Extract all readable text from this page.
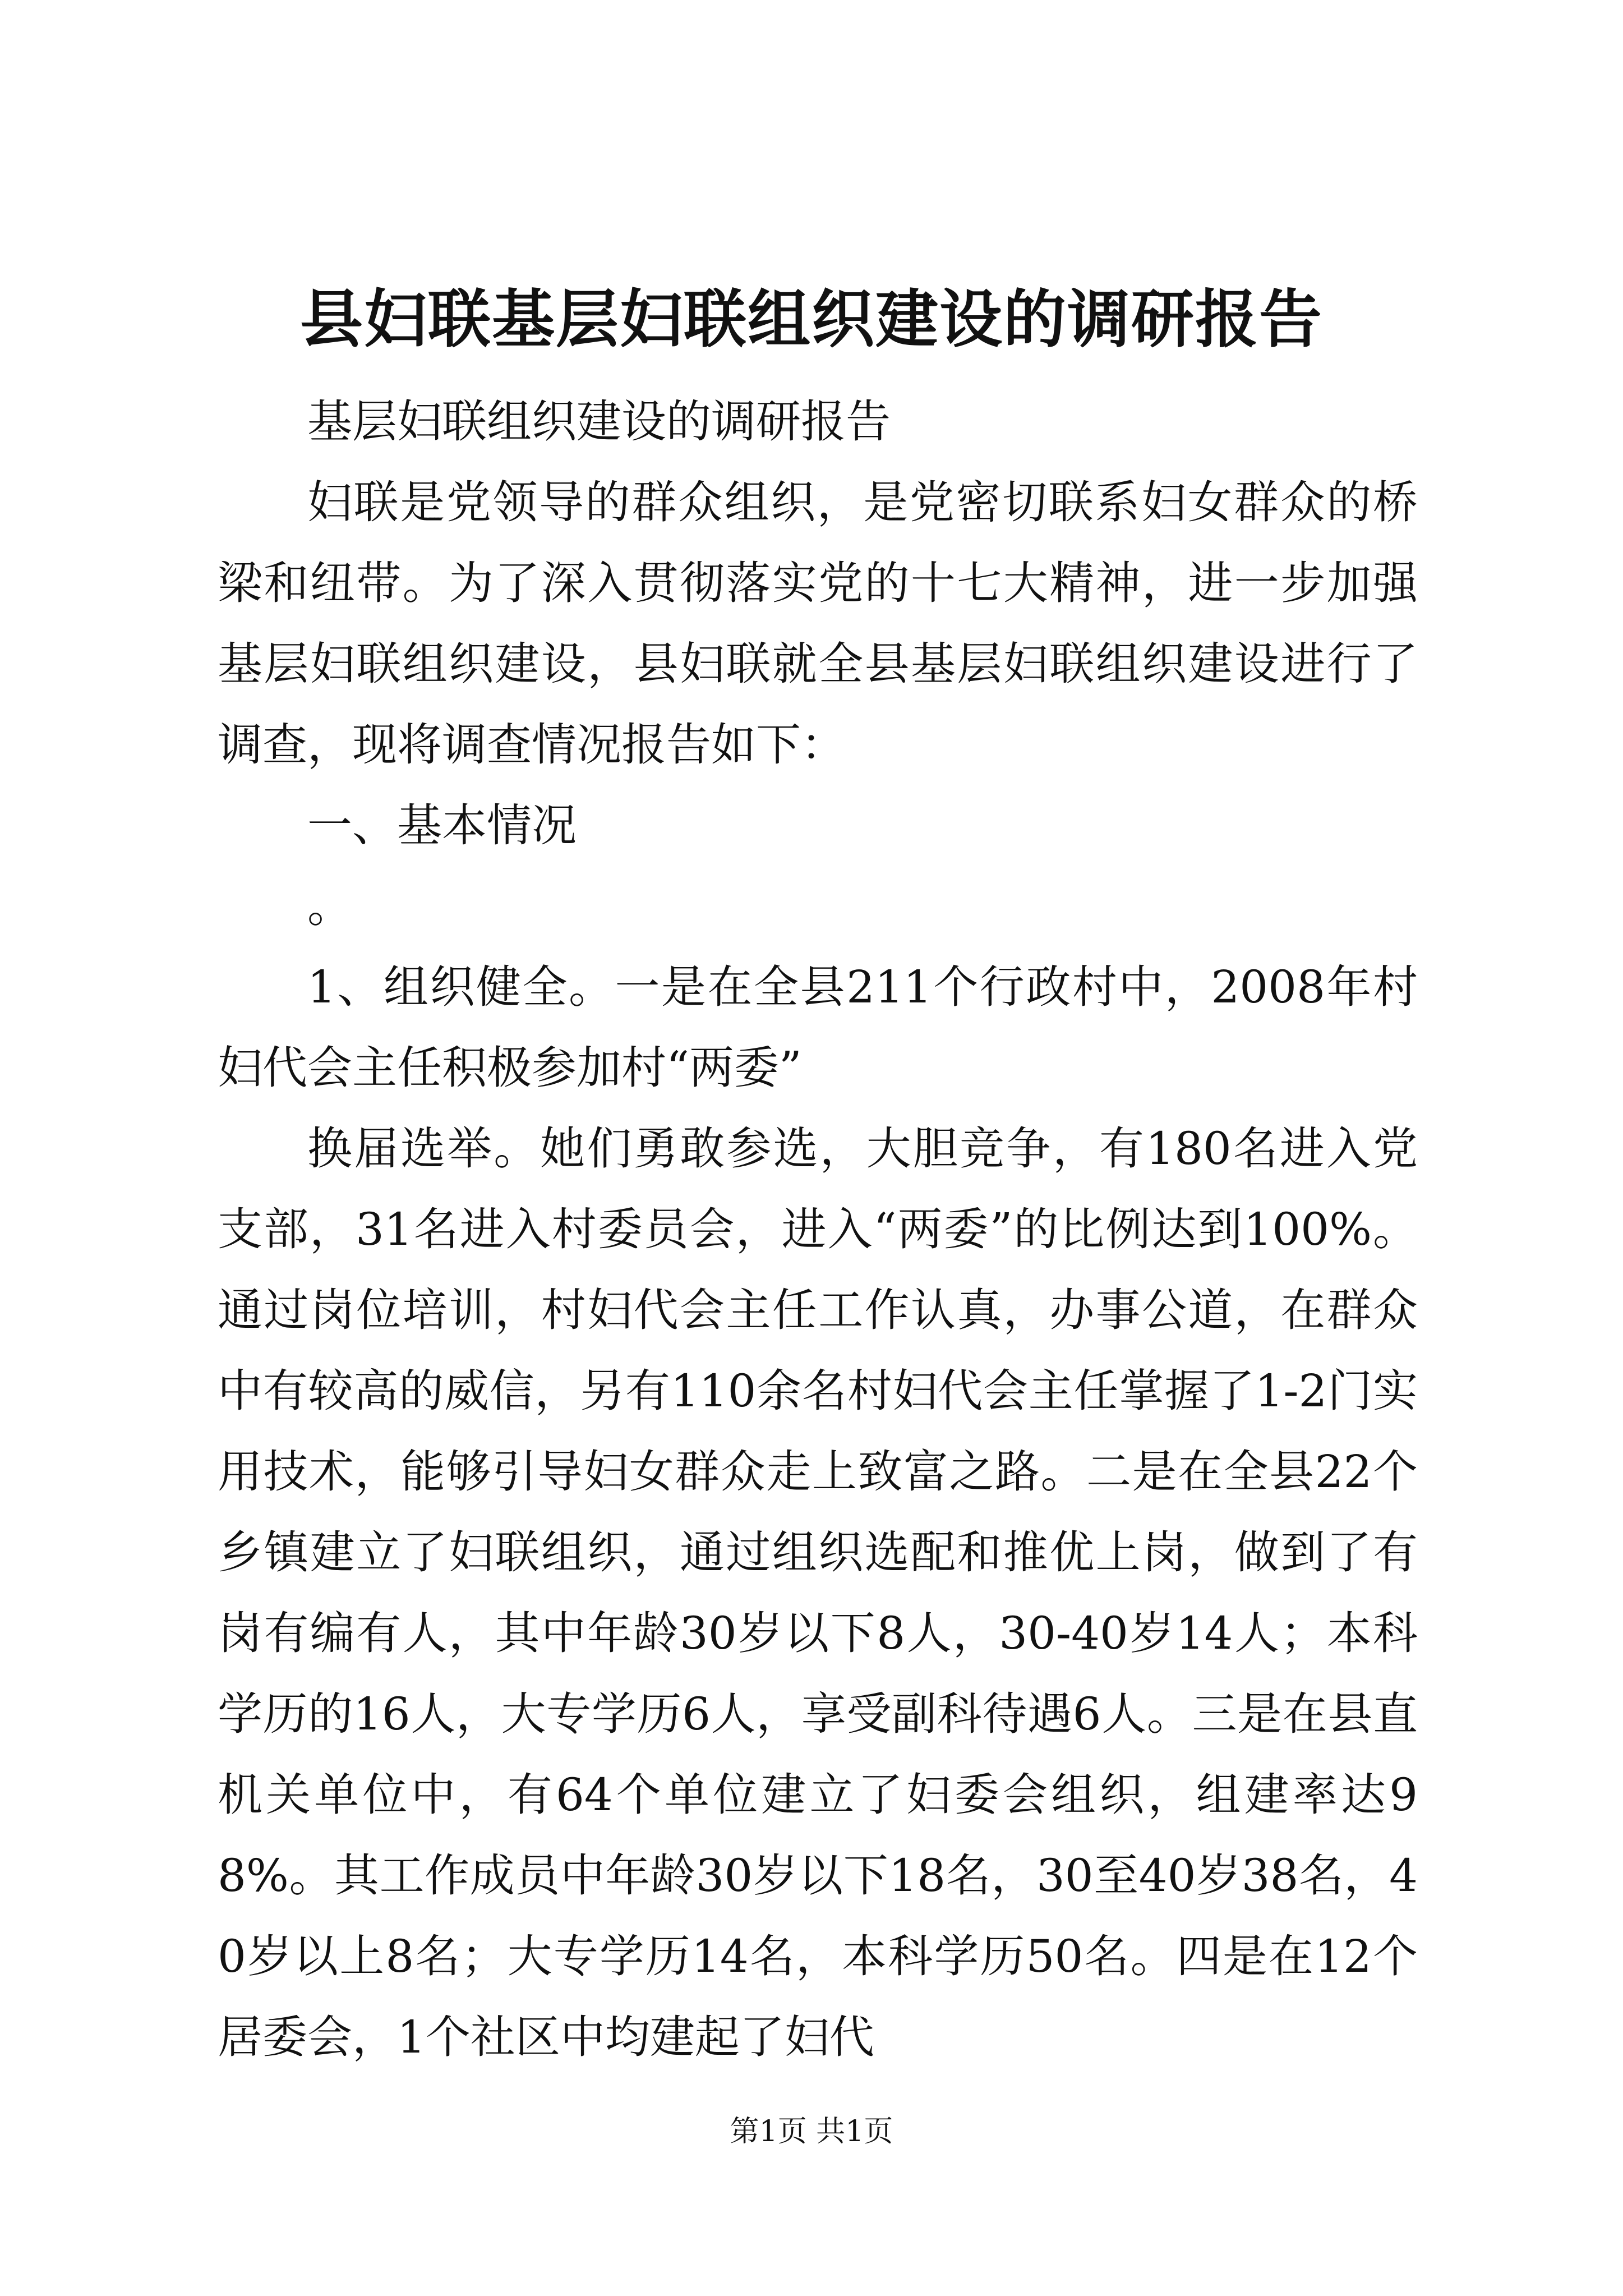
县妇联基层妇联组织建设的调研报告

基层妇联组织建设的调研报告

妇联是党领导的群众组织，是党密切联系妇女群众的桥梁和纽带。为了深入贯彻落实党的十七大精神，进一步加强基层妇联组织建设，县妇联就全县基层妇联组织建设进行了调查，现将调查情况报告如下：

一、基本情况

。

1、组织健全。一是在全县211个行政村中，2008年村妇代会主任积极参加村“两委”

换届选举。她们勇敢参选，大胆竞争，有180名进入党支部，31名进入村委员会，进入“两委”的比例达到100%。通过岗位培训，村妇代会主任工作认真，办事公道，在群众中有较高的威信，另有110余名村妇代会主任掌握了1-2门实用技术，能够引导妇女群众走上致富之路。二是在全县22个乡镇建立了妇联组织，通过组织选配和推优上岗，做到了有岗有编有人，其中年龄30岁以下8人，30-40岁14人；本科学历的16人，大专学历6人，享受副科待遇6人。三是在县直机关单位中，有64个单位建立了妇委会组织，组建率达98%。其工作成员中年龄30岁以下18名，30至40岁38名，40岁以上8名；大专学历14名，本科学历50名。四是在12个居委会，1个社区中均建起了妇代

第1页 共1页
